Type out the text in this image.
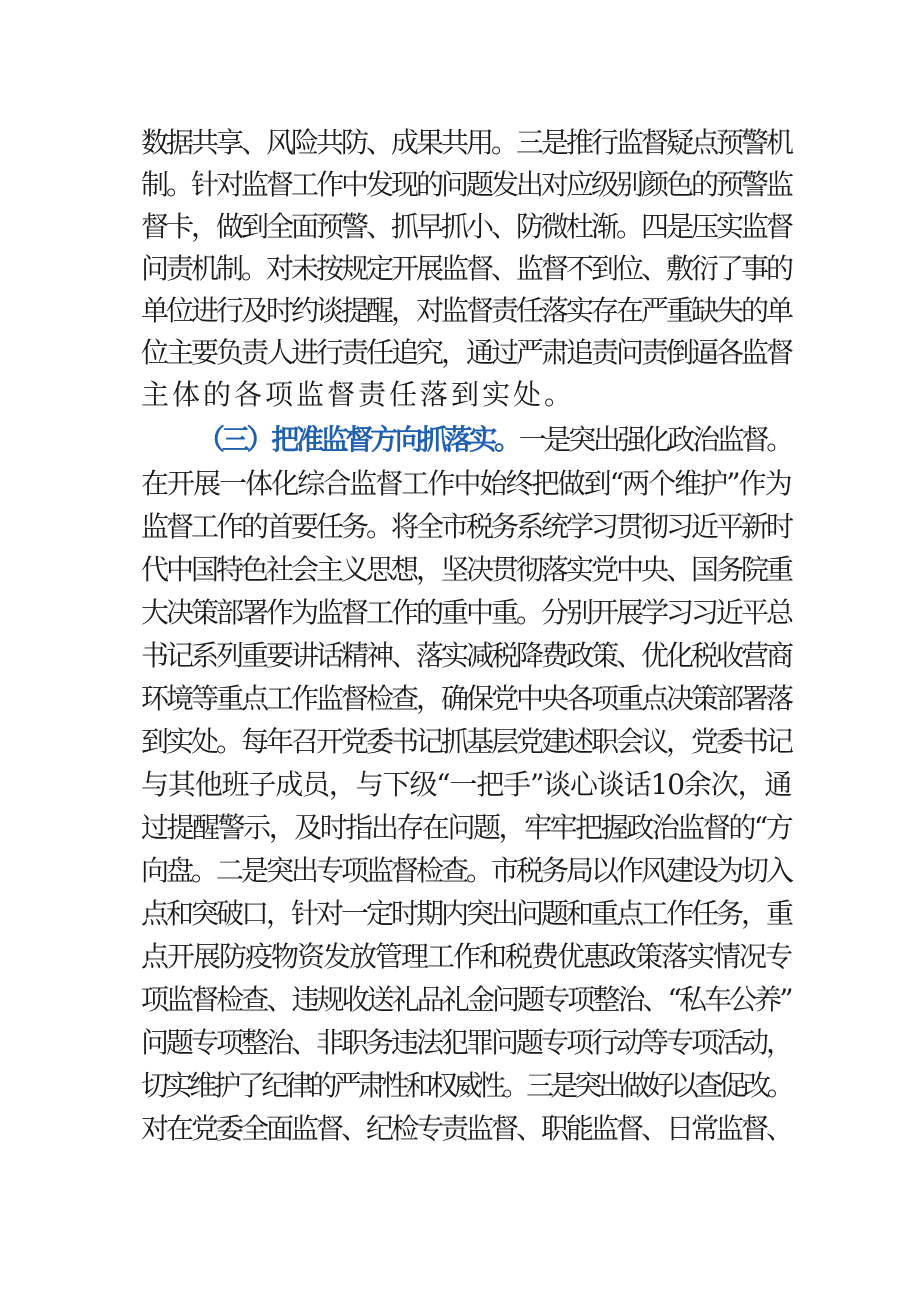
数据共享、风险共防、成果共用。三是推行监督疑点预警机
制。针对监督工作中发现的问题发出对应级别颜色的预警监
督卡，做到全面预警、抓早抓小、防微杜渐。四是压实监督
问责机制。对未按规定开展监督、监督不到位、敷衍了事的
单位进行及时约谈提醒，对监督责任落实存在严重缺失的单
位主要负责人进行责任追究，通过严肃追责问责倒逼各监督
主体的各项监督责任落到实处。
（三）把准监督方向抓落实。一是突出强化政治监督。
在开展一体化综合监督工作中始终把做到“两个维护”作为
监督工作的首要任务。将全市税务系统学习贯彻习近平新时
代中国特色社会主义思想，坚决贯彻落实党中央、国务院重
大决策部署作为监督工作的重中重。分别开展学习习近平总
书记系列重要讲话精神、落实减税降费政策、优化税收营商
环境等重点工作监督检查，确保党中央各项重点决策部署落
到实处。每年召开党委书记抓基层党建述职会议，党委书记
与其他班子成员，与下级“一把手”谈心谈话10余次，通
过提醒警示，及时指出存在问题，牢牢把握政治监督的“方
向盘。二是突出专项监督检查。市税务局以作风建设为切入
点和突破口，针对一定时期内突出问题和重点工作任务，重
点开展防疫物资发放管理工作和税费优惠政策落实情况专
项监督检查、违规收送礼品礼金问题专项整治、“私车公养”
问题专项整治、非职务违法犯罪问题专项行动等专项活动，
切实维护了纪律的严肃性和权威性。三是突出做好以查促改。
对在党委全面监督、纪检专责监督、职能监督、日常监督、
